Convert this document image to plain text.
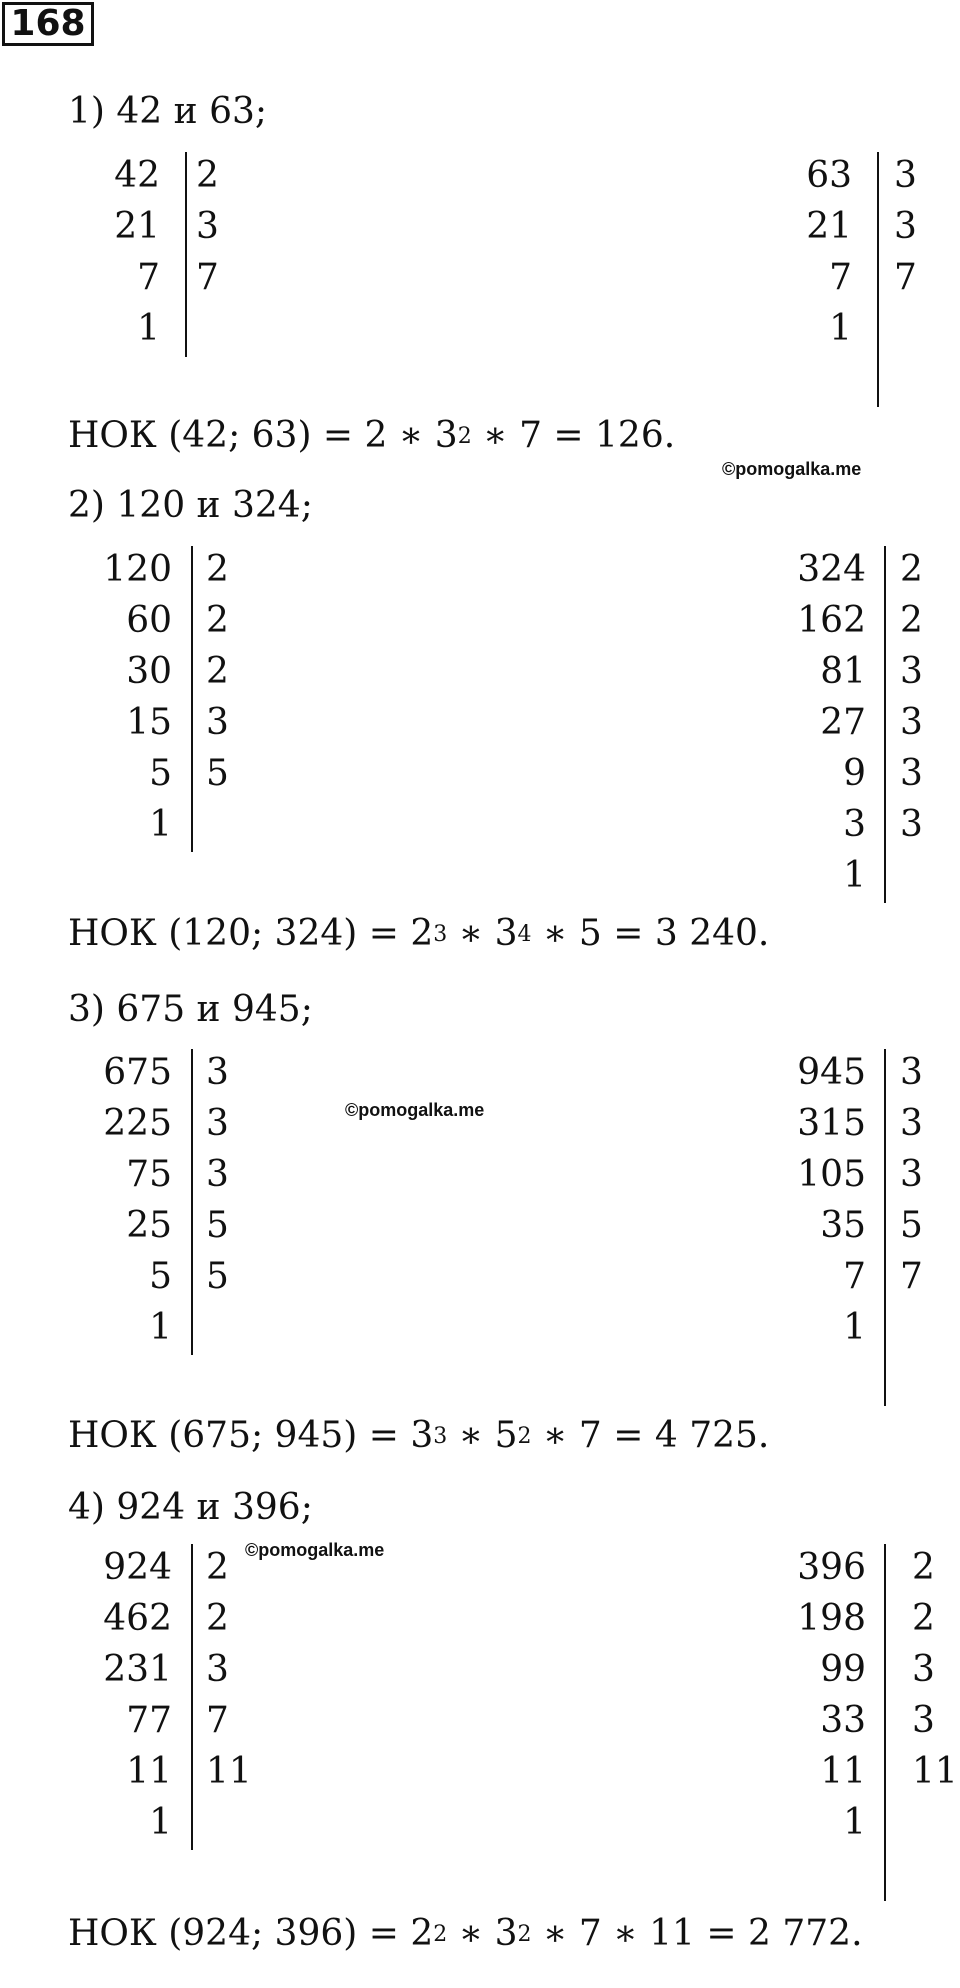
168
1) 42 и 63;
42
21
7
1
2
3
7
63
21
7
1
3
3
7
НОК (42; 63) = 2 ∗ $3^2$ ∗ 7 = 126.
2) 120 и 324;
120
60
30
15
5
1
2
2
2
3
5
324
162
81
27
9
3
1
2
2
3
3
3
3
НОК (120; $324) = 2^3$ ∗ $3^4$ ∗ 5 = 3 240.
3) 675 и 945;
675
225
75
25
5
1
3
3
3
5
5
945
315
105
35
7
1
3
3
3
5
7
НОК (675; $945) = 3^3$ ∗ $5^2$ ∗ 7 = 4 725.
4) 924 и 396;
924
462
231
77
11
1
2
2
3
7
11
396
198
99
33
11
1
2
2
3
3
11
НОК (924; $396) = 2^2$ ∗ $3^2$ ∗ 7 ∗ 11 = 2 772.
©pomogalka.me
©pomogalka.me
©pomogalka.me
